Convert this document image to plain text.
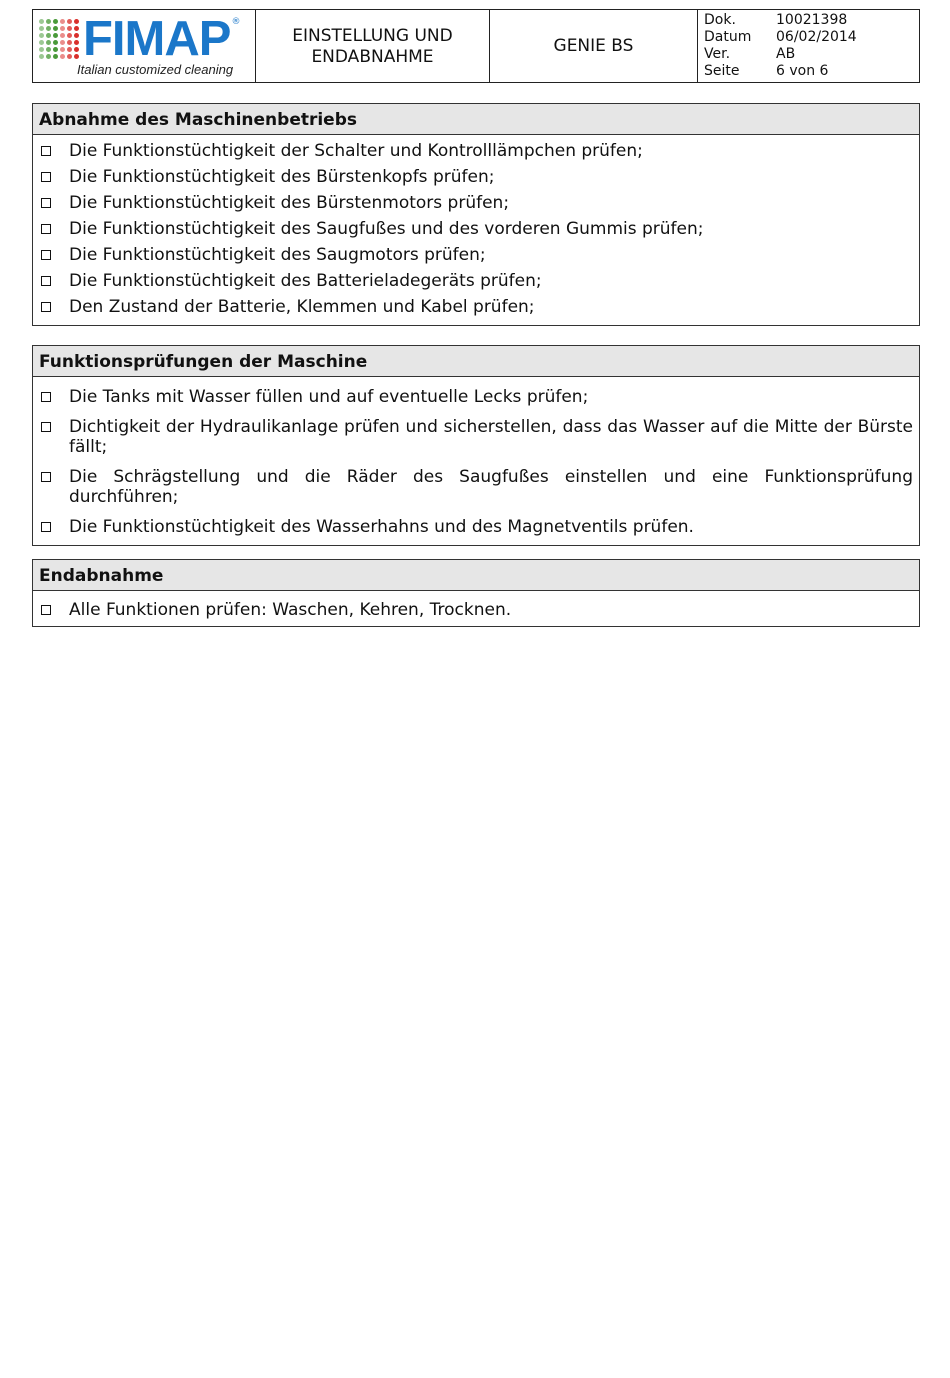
FIMAP ®
Italian customized cleaning
EINSTELLUNG UND
ENDABNAHME
GENIE BS
Dok.	10021398
Datum	06/02/2014
Ver.	AB
Seite	6 von 6
Abnahme des Maschinenbetriebs
Die Funktionstüchtigkeit der Schalter und Kontrolllämpchen prüfen;
Die Funktionstüchtigkeit des Bürstenkopfs prüfen;
Die Funktionstüchtigkeit des Bürstenmotors prüfen;
Die Funktionstüchtigkeit des Saugfußes und des vorderen Gummis prüfen;
Die Funktionstüchtigkeit des Saugmotors prüfen;
Die Funktionstüchtigkeit des Batterieladegeräts prüfen;
Den Zustand der Batterie, Klemmen und Kabel prüfen;
Funktionsprüfungen der Maschine
Die Tanks mit Wasser füllen und auf eventuelle Lecks prüfen;
Dichtigkeit der Hydraulikanlage prüfen und sicherstellen, dass das Wasser auf die Mitte der Bürste fällt;
Die Schrägstellung und die Räder des Saugfußes einstellen und eine Funktionsprüfung durchführen;
Die Funktionstüchtigkeit des Wasserhahns und des Magnetventils prüfen.
Endabnahme
Alle Funktionen prüfen: Waschen, Kehren, Trocknen.
